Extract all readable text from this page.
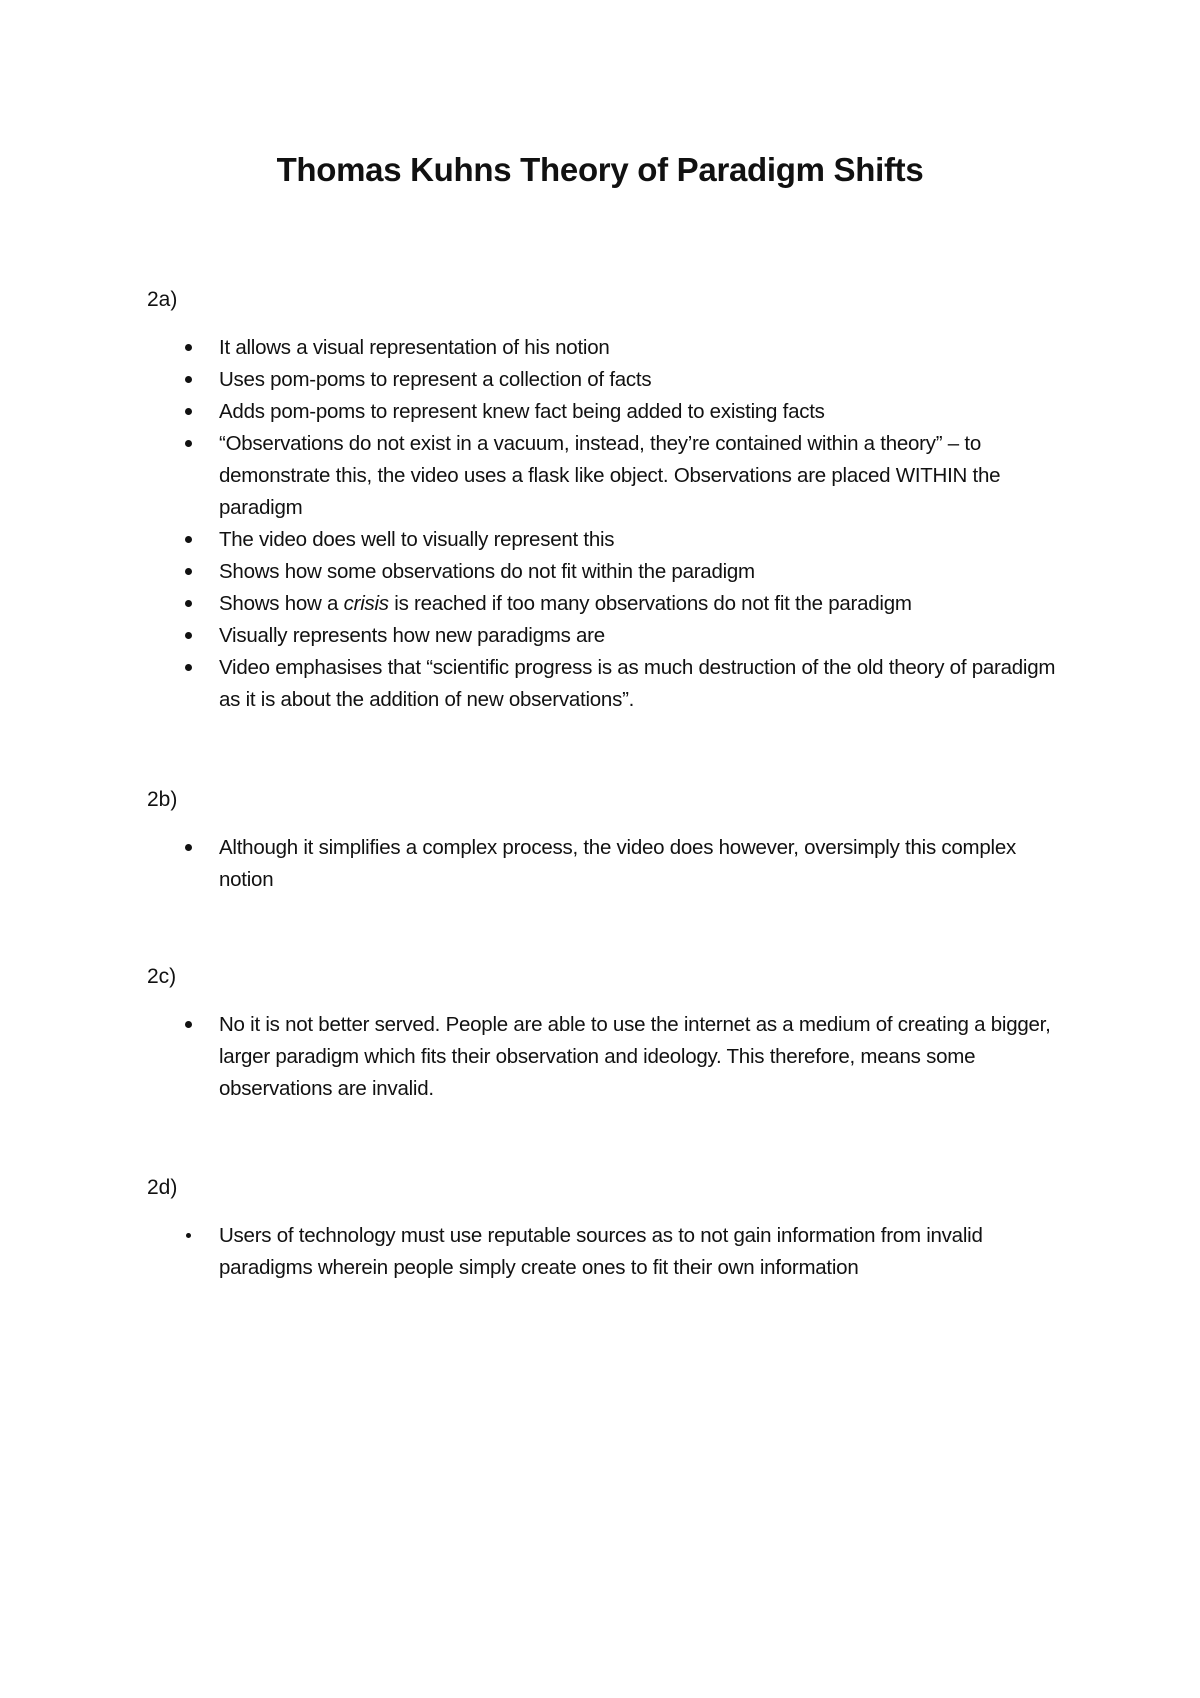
Thomas Kuhns Theory of Paradigm Shifts

2a)

It allows a visual representation of his notion
Uses pom-poms to represent a collection of facts
Adds pom-poms to represent knew fact being added to existing facts
“Observations do not exist in a vacuum, instead, they’re contained within a theory” – to demonstrate this, the video uses a flask like object. Observations are placed WITHIN the paradigm
The video does well to visually represent this
Shows how some observations do not fit within the paradigm
Shows how a crisis is reached if too many observations do not fit the paradigm
Visually represents how new paradigms are
Video emphasises that “scientific progress is as much destruction of the old theory of paradigm as it is about the addition of new observations”.

2b)

Although it simplifies a complex process, the video does however, oversimply this complex notion

2c)

No it is not better served. People are able to use the internet as a medium of creating a bigger, larger paradigm which fits their observation and ideology. This therefore, means some observations are invalid.

2d)

Users of technology must use reputable sources as to not gain information from invalid paradigms wherein people simply create ones to fit their own information
